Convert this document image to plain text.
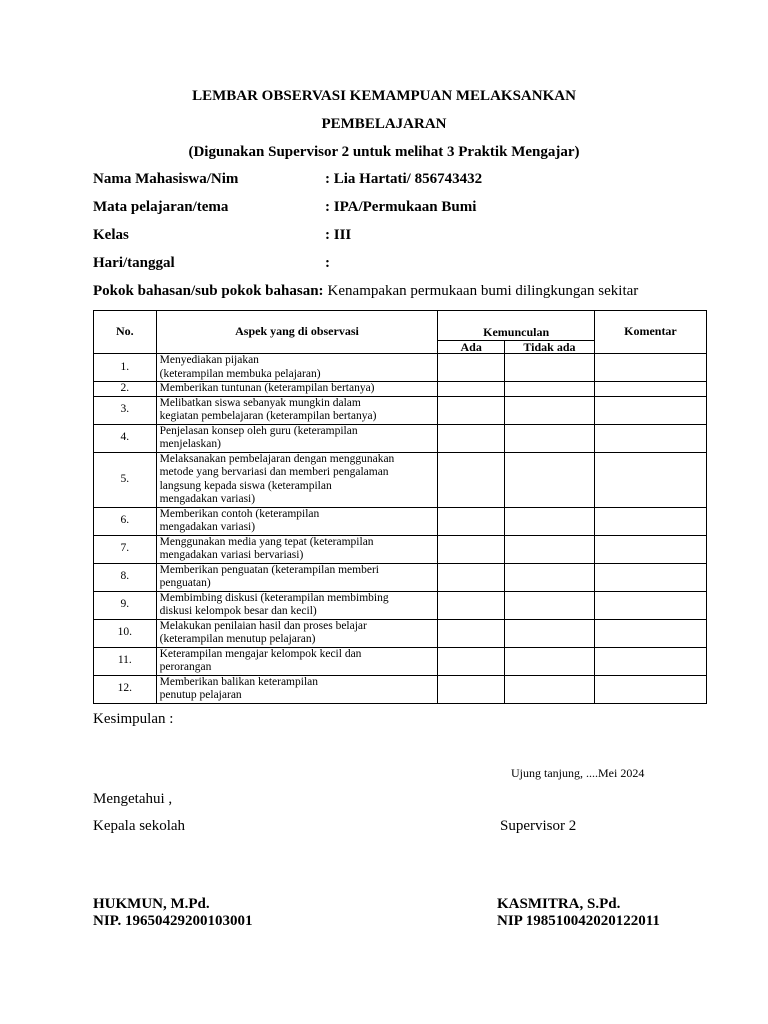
LEMBAR OBSERVASI KEMAMPUAN MELAKSANKAN
PEMBELAJARAN
(Digunakan Supervisor 2 untuk melihat 3 Praktik Mengajar)
Nama Mahasiswa/Nim	: Lia Hartati/ 856743432
Mata pelajaran/tema	: IPA/Permukaan Bumi
Kelas	: III
Hari/tanggal	:
Pokok bahasan/sub pokok bahasan: Kenampakan permukaan bumi dilingkungan sekitar
No.	Aspek yang di observasi	Kemunculan		Komentar
		Ada	Tidak ada	
1.	Menyediakan pijakan
(keterampilan membuka pelajaran)			

2.	Memberikan tuntunan (keterampilan bertanya)			

3.	Melibatkan siswa sebanyak mungkin dalam
kegiatan pembelajaran (keterampilan bertanya)			

4.	Penjelasan konsep oleh guru (keterampilan
menjelaskan)			

5.	Melaksanakan pembelajaran dengan menggunakan
metode yang bervariasi dan memberi pengalaman
langsung kepada siswa (keterampilan
mengadakan variasi)			

6.	Memberikan contoh (keterampilan
mengadakan variasi)			

7.	Menggunakan media yang tepat (keterampilan
mengadakan variasi bervariasi)			

8.	Memberikan penguatan (keterampilan memberi
penguatan)			

9.	Membimbing diskusi (keterampilan membimbing
diskusi kelompok besar dan kecil)			

10.	Melakukan penilaian hasil dan proses belajar
(keterampilan menutup pelajaran)			

11.	Keterampilan mengajar kelompok kecil dan
perorangan			

12.	Memberikan balikan keterampilan
penutup pelajaran			

Kesimpulan :
Ujung tanjung, ....Mei 2024
Mengetahui ,
Kepala sekolah	Supervisor 2
HUKMUN, M.Pd.
NIP. 1965042920010300​1
KASMITRA, S.Pd.
NIP 198510042020122011
